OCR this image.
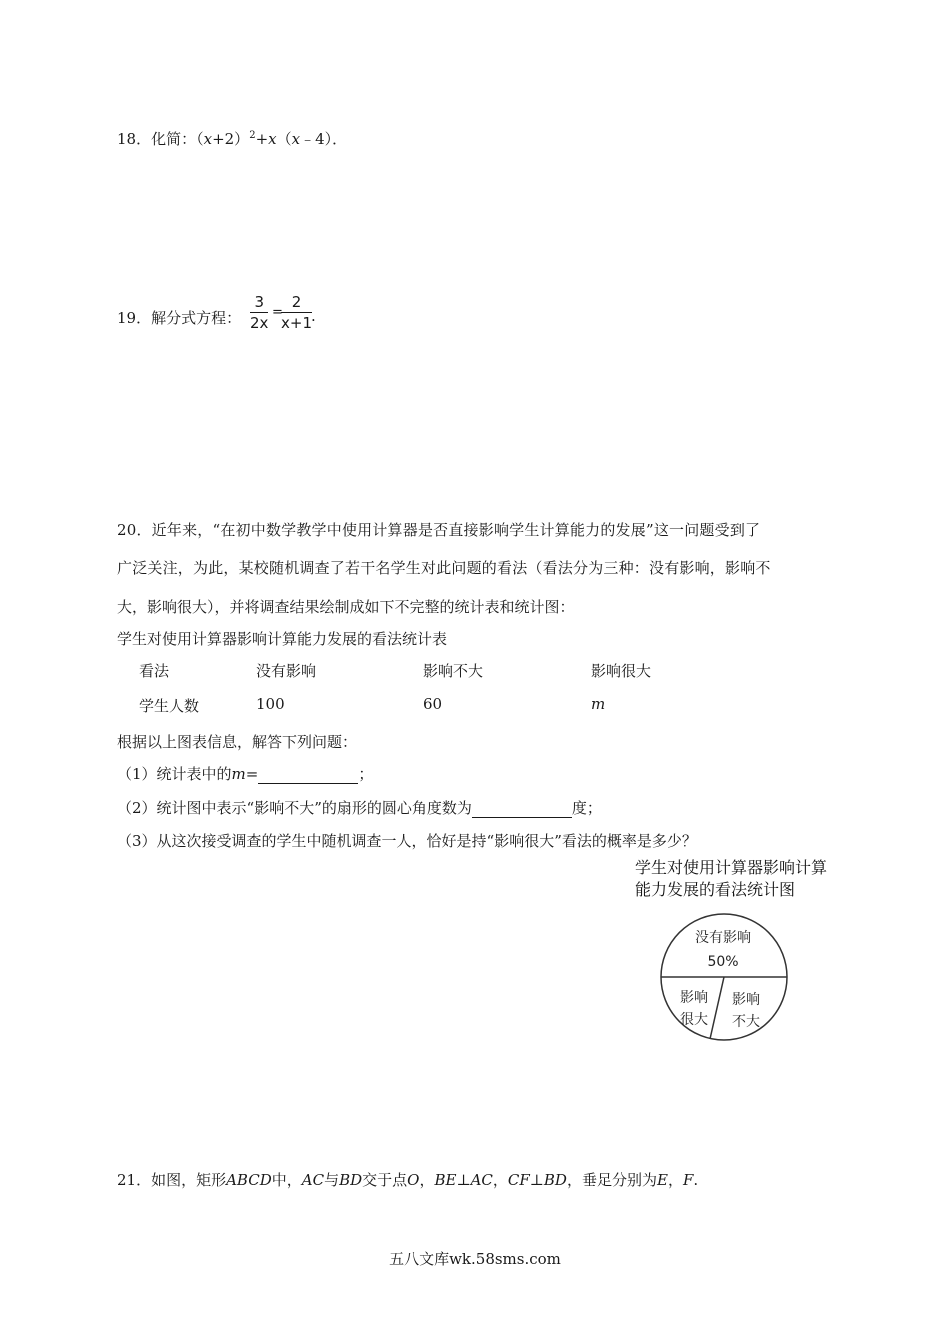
18．化简：$(x+2)^2+x(x﹣4)$．
19．解分式方程： $\frac{3}{2x}$ =
$\frac{2}{x+1}$ .
20．近年来，“在初中数学教学中使用计算器是否直接影响学生计算能力的发展”这一问题受到了
广泛关注，为此，某校随机调查了若干名学生对此问题的看法（看法分为三种：没有影响，影响不
大，影响很大），并将调查结果绘制成如下不完整的统计表和统计图：
学生对使用计算器影响计算能力发展的看法统计表
看法	没有影响	影响不大	影响很大
学生人数	100	60	m
根据以上图表信息，解答下列问题：
（1）统计表中的m=	；
（2）统计图中表示“影响不大”的扇形的圆心角度数为	度；
（3）从这次接受调查的学生中随机调查一人，恰好是持“影响很大”看法的概率是多少？
学生对使用计算器影响计算
能力发展的看法统计图
没有影响
50%
影响
很大
影响
不大
21．如图，矩形ABCD中，AC与BD交于点O，BE⊥AC，CF⊥BD，垂足分别为E，F.
五八文库wk.58sms.com
